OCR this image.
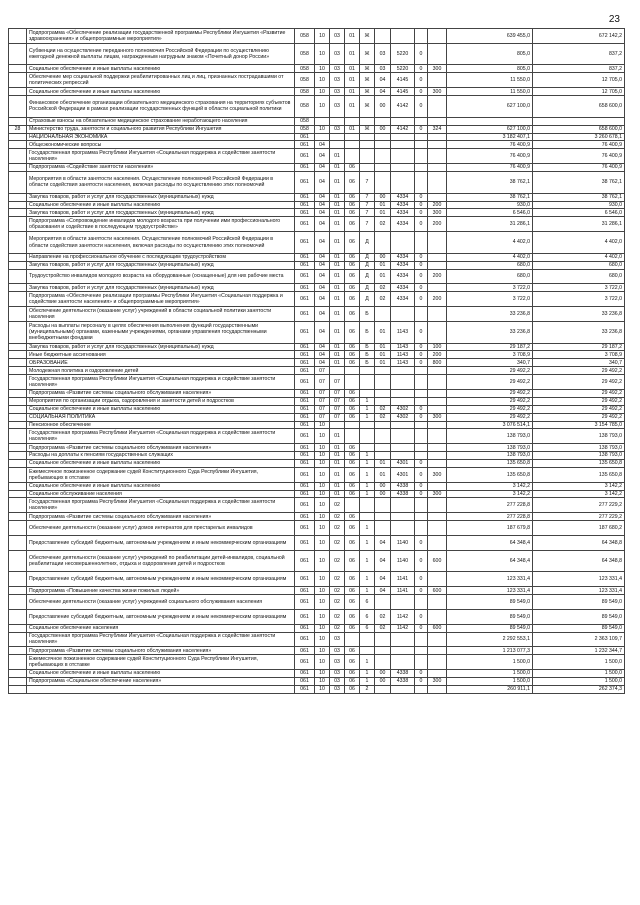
23
	Подпрограмма «Обеспечение реализации государственной программы Республики Ингушетия «Развитие здравоохранения» и общепрограммные мероприятия»	058	10	03	01	Ж					639 455,0	672 142,2
	Субвенции на осуществление переданного полномочия Российской Федерации по осуществлению ежегодной денежной выплаты лицам, награжденным нагрудным знаком «Почетный донор России»	058	10	03	01	Ж	03	5220	0		805,0	837,2
	Социальное обеспечение и иные выплаты населению	058	10	03	01	Ж	03	5220	0	300	805,0	837,2
	Обеспечение мер социальной поддержки реабилитированных лиц и лиц, признанных пострадавшими от политических репрессий	058	10	03	01	Ж	04	4145	0		11 550,0	12 705,0
	Социальное обеспечение и иные выплаты населению	058	10	03	01	Ж	04	4145	0	300	11 550,0	12 705,0
	Финансовое обеспечение организации обязательного медицинского страхования на территориях субъектов Российской Федерации в рамках реализации государственных функций в области социальной политики	058	10	03	01	Ж	00	4142	0		627 100,0	658 600,0
	Страховые взносы на обязательное медицинское страхование неработающего населения	058										
28	Министерство труда, занятости и социального развития Республики Ингушетия	058	10	03	01	Ж	00	4142	0	324	627 100,0	658 600,0
	НАЦИОНАЛЬНАЯ ЭКОНОМИКА	061									3 182 407,1	3 260 678,1
	Общеэкономические вопросы	061	04								76 400,9	76 400,9
	Государственная программа Республики Ингушетия «Социальная поддержка и содействие занятости населения»	061	04	01							76 400,9	76 400,9
	Подпрограмма «Содействие занятости населения»	061	04	01	06						76 400,9	76 400,9
	Мероприятия в области занятости населения. Осуществление полномочий Российской Федерации в области содействия занятости населения, включая расходы по осуществлению этих полномочий	061	04	01	06	7					38 762,1	38 762,1
	Закупка товаров, работ и услуг для государственных (муниципальных) нужд	061	04	01	06	7	00	4334	0		38 762,1	38 762,1
	Социальное обеспечение и иные выплаты населению	061	04	01	06	7	01	4334	0	200	930,0	930,0
	Закупка товаров, работ и услуг для государственных (муниципальных) нужд	061	04	01	06	7	01	4334	0	300	6 546,0	6 546,0
	Подпрограмма «Сопровождение инвалидов молодого возраста при получении ими профессионального образования и содействие в последующем трудоустройстве»	061	04	01	06	7	02	4334	0	200	31 286,1	31 286,1
	Мероприятия в области занятости населения. Осуществление полномочий Российской Федерации в области содействия занятости населения, включая расходы по осуществлению этих полномочий	061	04	01	06	Д					4 402,0	4 402,0
	Направление на профессиональное обучение с последующим трудоустройством	061	04	01	06	Д	00	4334	0		4 402,0	4 402,0
	Закупка товаров, работ и услуг для государственных (муниципальных) нужд	061	04	01	06	Д	01	4334	0		680,0	680,0
	Трудоустройство инвалидов молодого возраста на оборудованные (оснащенные) для них рабочие места	061	04	01	06	Д	01	4334	0	200	680,0	680,0
	Закупка товаров, работ и услуг для государственных (муниципальных) нужд	061	04	01	06	Д	02	4334	0		3 722,0	3 722,0
	Подпрограмма «Обеспечение реализации программы Республики Ингушетия «Социальная поддержка и содействие занятости населения» и общепрограммные мероприятия»	061	04	01	06	Д	02	4334	0	200	3 722,0	3 722,0
	Обеспечение деятельности (оказание услуг) учреждений в области социальной политики занятости населения	061	04	01	06	Б					33 236,8	33 236,8
	Расходы на выплаты персоналу в целях обеспечения выполнения функций государственными (муниципальными) органами, казенными учреждениями, органами управления государственными внебюджетными фондами	061	04	01	06	Б	01	1143	0		33 236,8	33 236,8
	Закупка товаров, работ и услуг для государственных (муниципальных) нужд	061	04	01	06	Б	01	1143	0	100	29 187,2	29 187,2
	Иные бюджетные ассигнования	061	04	01	06	Б	01	1143	0	200	3 708,9	3 708,9
	ОБРАЗОВАНИЕ	061	04	01	06	Б	01	1143	0	800	340,7	340,7
	Молодежная политика и оздоровление детей	061	07								29 492,2	29 492,2
	Государственная программа Республики Ингушетия «Социальная поддержка и содействие занятости населения»	061	07	07							29 492,2	29 492,2
	Подпрограмма «Развитие системы социального обслуживания населения»	061	07	07	06						29 492,2	29 492,2
	Мероприятия по организации отдыха, оздоровления и занятости детей и подростков	061	07	07	06	1					29 492,2	29 492,2
	Социальное обеспечение и иные выплаты населению	061	07	07	06	1	02	4302	0		29 492,2	29 492,2
	СОЦИАЛЬНАЯ ПОЛИТИКА	061	07	07	06	1	02	4302	0	300	29 492,2	29 492,2
	Пенсионное обеспечение	061	10								3 076 514,1	3 154 785,0
	Государственная программа Республики Ингушетия «Социальная поддержка и содействие занятости населения»	061	10	01							138 793,0	138 793,0
	Подпрограмма «Развитие системы социального обслуживания населения»	061	10	01	06						138 793,0	138 793,0
	Расходы на доплаты к пенсиям государственных служащих	061	10	01	06	1					138 793,0	138 793,0
	Социальное обеспечение и иные выплаты населению	061	10	01	06	1	01	4301	0		135 650,8	135 650,8
	Ежемесячное пожизненное содержание судей Конституционного Суда Республики Ингушетия, пребывающих в отставке	061	10	01	06	1	01	4301	0	300	135 650,8	135 650,8
	Социальное обеспечение и иные выплаты населению	061	10	01	06	1	00	4338	0		3 142,2	3 142,2
	Социальное обслуживание населения	061	10	01	06	1	00	4338	0	300	3 142,2	3 142,2
	Государственная программа Республики Ингушетия «Социальная поддержка и содействие занятости населения»	061	10	02							277 228,8	277 229,2
	Подпрограмма «Развитие системы социального обслуживания населения»	061	10	02	06						277 228,8	277 229,2
	Обеспечение деятельности (оказание услуг) домов интернатов для престарелых инвалидов	061	10	02	06	1					187 679,8	187 680,2
	Предоставление субсидий бюджетным, автономным учреждениям и иным некоммерческим организациям	061	10	02	06	1	04	1140	0		64 348,4	64 348,8
	Обеспечение деятельности (оказание услуг) учреждений по реабилитации детей-инвалидов, социальной реабилитации несовершеннолетних, отдыха и оздоровления детей и подростков	061	10	02	06	1	04	1140	0	600	64 348,4	64 348,8
	Предоставление субсидий бюджетным, автономным учреждениям и иным некоммерческим организациям	061	10	02	06	1	04	1141	0		123 331,4	123 331,4
	Подпрограмма «Повышение качества жизни пожилых людей»	061	10	02	06	1	04	1141	0	600	123 331,4	123 331,4
	Обеспечение деятельности (оказание услуг) учреждений социального обслуживания населения	061	10	02	06	6					89 549,0	89 549,0
	Предоставление субсидий бюджетным, автономным учреждениям и иным некоммерческим организациям	061	10	02	06	6	02	1142	0		89 549,0	89 549,0
	Социальное обеспечение населения	061	10	02	06	6	02	1142	0	600	89 549,0	89 549,0
	Государственная программа Республики Ингушетия «Социальная поддержка и содействие занятости населения»	061	10	03							2 292 553,1	2 363 109,7
	Подпрограмма «Развитие системы социального обслуживания населения»	061	10	03	06						1 213 077,3	1 232 344,7
	Ежемесячное пожизненное содержание судей Конституционного Суда Республики Ингушетия, пребывающих в отставке	061	10	03	06	1					1 500,0	1 500,0
	Социальное обеспечение и иные выплаты населению	061	10	03	06	1	00	4338	0		1 500,0	1 500,0
	Подпрограмма «Социальное обеспечение населения»	061	10	03	06	1	00	4338	0	300	1 500,0	1 500,0
		061	10	03	06	2					260 911,1	262 374,3
